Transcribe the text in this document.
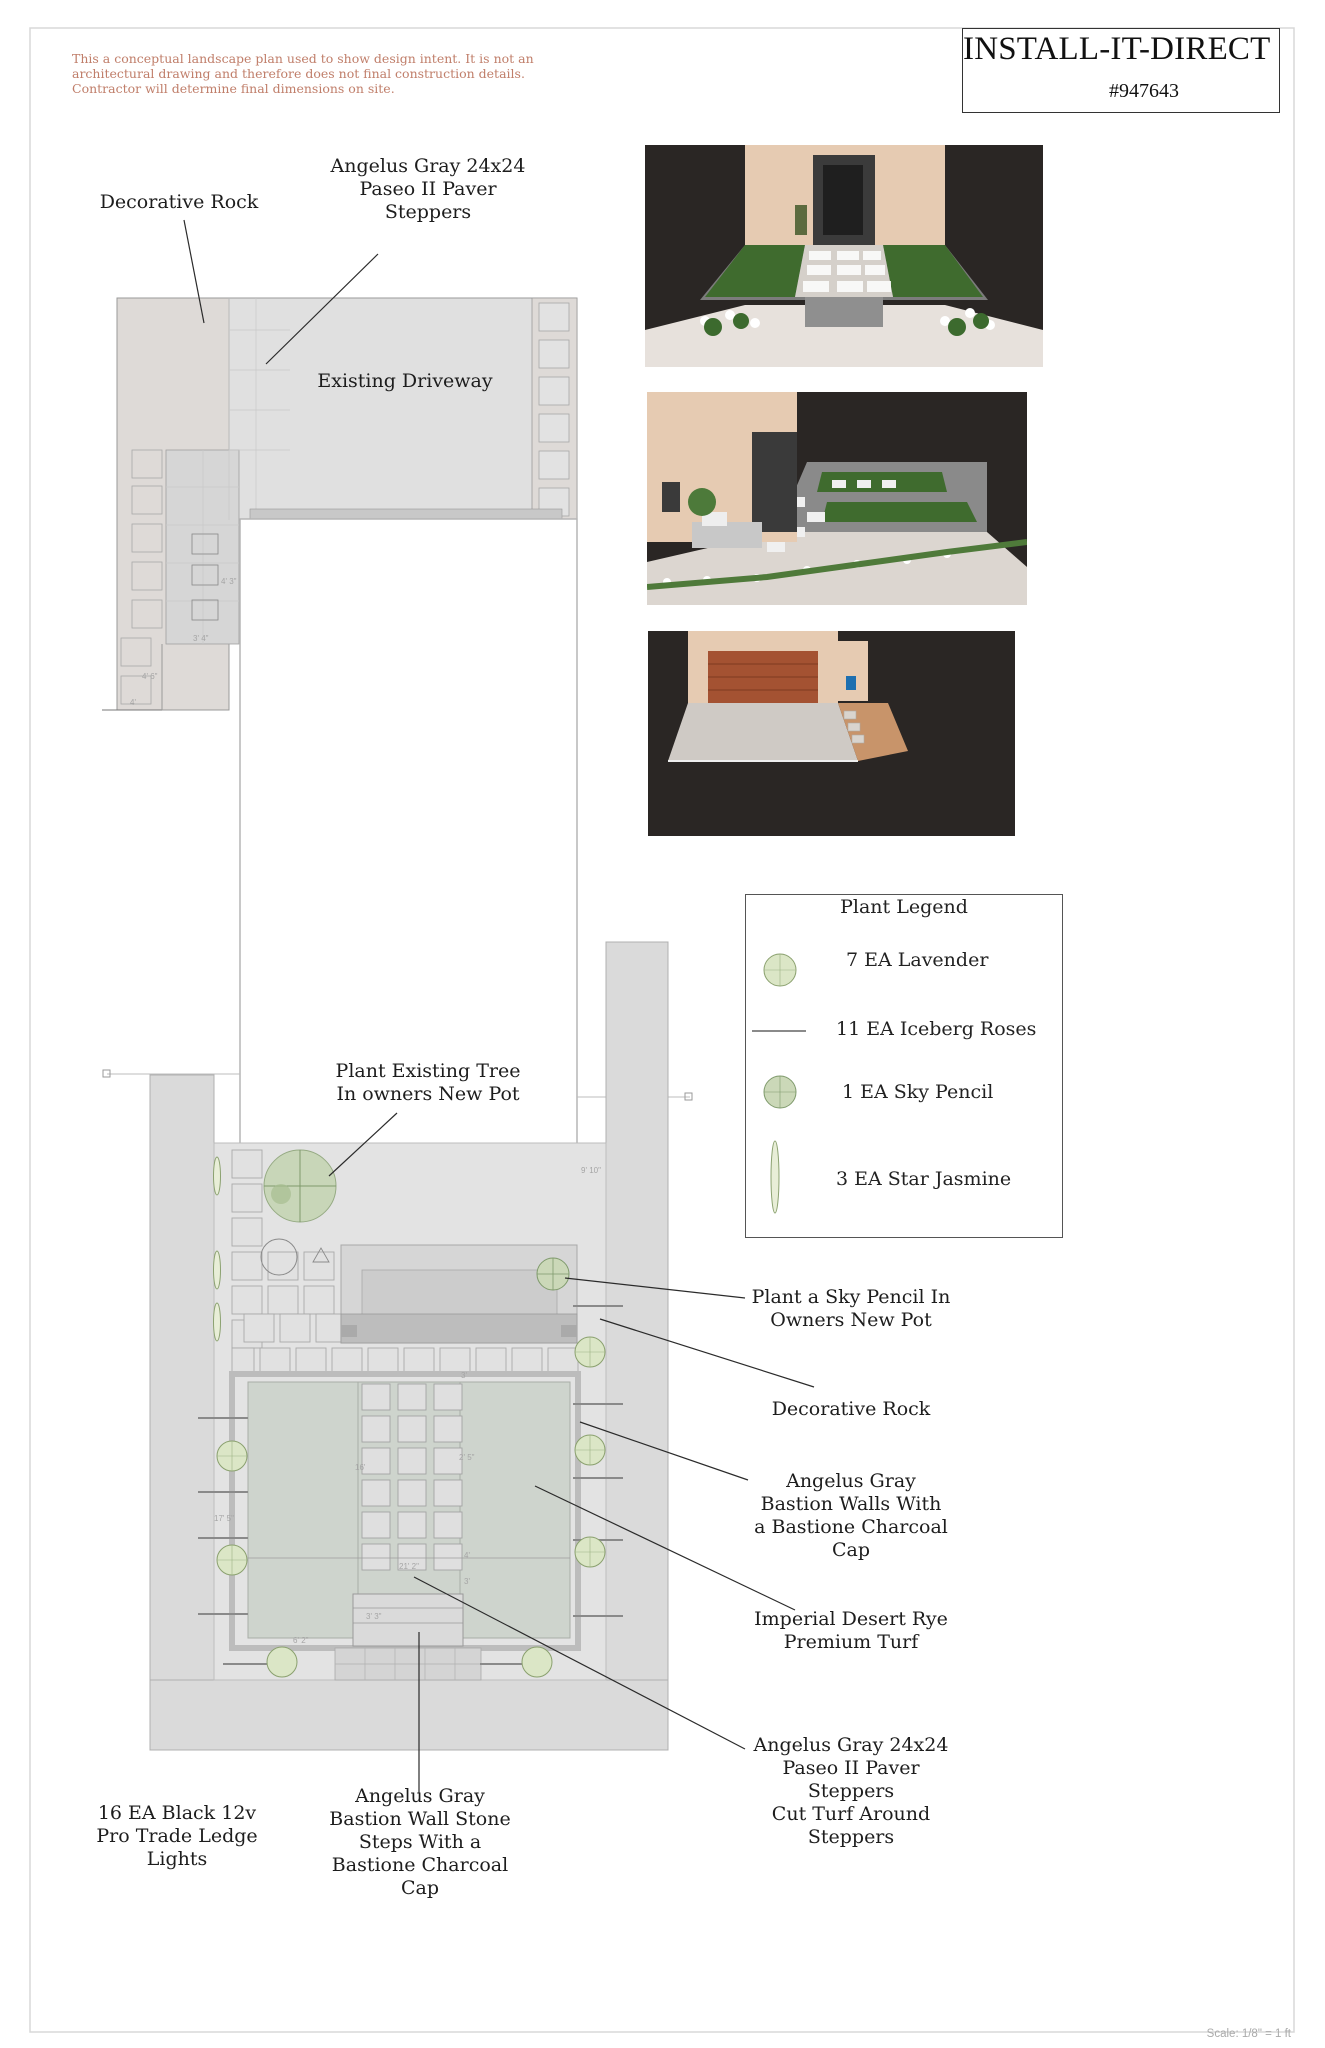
This a conceptual landscape plan used to show design intent. It is not an architectural drawing and therefore does not final construction details. Contractor will determine final dimensions on site.
INSTALL-IT-DIRECT
#947643
4' 3"
3' 4"
4' 6"
4'
9' 10"
3'
2' 5"
16'
17' 5"
21' 2"
4'
3'
6' 2"
3' 3"
Decorative Rock
Angelus Gray 24x24
Paseo II Paver
Steppers
Existing Driveway
Plant Existing Tree
In owners New Pot
Plant a Sky Pencil In
Owners New Pot
Decorative Rock
Angelus Gray
Bastion Walls With
a Bastione Charcoal
Cap
Imperial Desert Rye
Premium Turf
Angelus Gray 24x24
Paseo II Paver
Steppers
Cut Turf Around
Steppers
16 EA Black 12v
Pro Trade Ledge
Lights
Angelus Gray
Bastion Wall Stone
Steps With a
Bastione Charcoal
Cap
Plant Legend
7 EA Lavender
11 EA Iceberg Roses
1 EA Sky Pencil
3 EA Star Jasmine
Scale: 1/8" = 1 ft
